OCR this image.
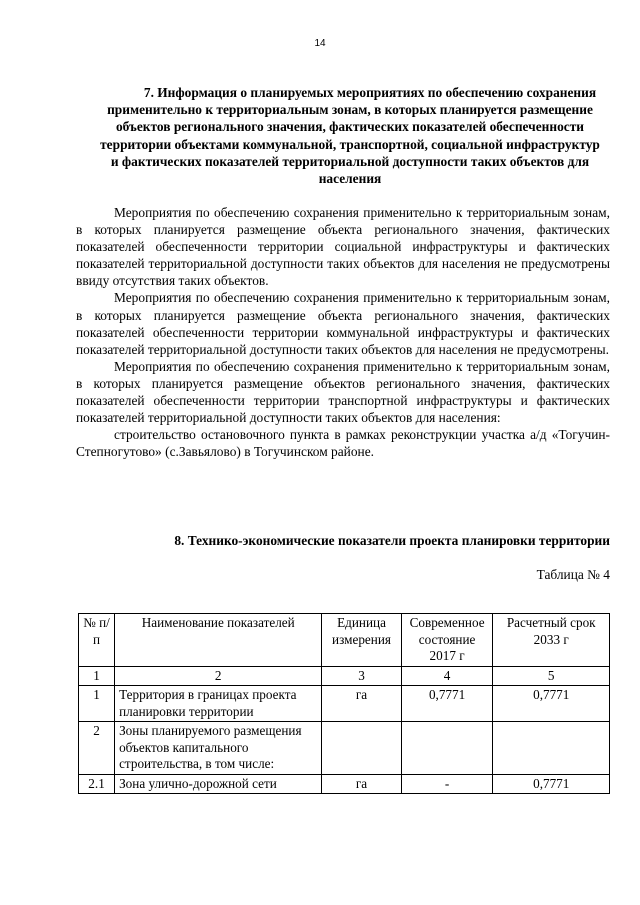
14
7. Информация о планируемых мероприятиях по обеспечению сохранения применительно к территориальным зонам, в которых планируется размещение объектов регионального значения, фактических показателей обеспеченности территории объектами коммунальной, транспортной, социальной инфраструктур и фактических показателей территориальной доступности таких объектов для населения

Мероприятия по обеспечению сохранения применительно к территориальным зонам, в которых планируется размещение объекта регионального значения, фактических показателей обеспеченности территории социальной инфраструктуры и фактических показателей территориальной доступности таких объектов для населения не предусмотрены ввиду отсутствия таких объектов.

Мероприятия по обеспечению сохранения применительно к территориальным зонам, в которых планируется размещение объекта регионального значения, фактических показателей обеспеченности территории коммунальной инфраструктуры и фактических показателей территориальной доступности таких объектов для населения не предусмотрены.

Мероприятия по обеспечению сохранения применительно к территориальным зонам, в которых планируется размещение объектов регионального значения, фактических показателей обеспеченности территории транспортной инфраструктуры и фактических показателей территориальной доступности таких объектов для населения:

строительство остановочного пункта в рамках реконструкции участка а/д «Тогучин-Степногутово» (с.Завьялово) в Тогучинском районе.

8. Технико-экономические показатели проекта планировки территории
Таблица № 4
№ п/п	Наименование показателей	Единица измерения	Современное состояние 2017 г	Расчетный срок 2033 г
1	2	3	4	5
1	Территория в границах проекта планировки территории	га	0,7771	0,7771
2	Зоны планируемого размещения объектов капитального строительства, в том числе:			
2.1	Зона улично-дорожной сети	га	-	0,7771
